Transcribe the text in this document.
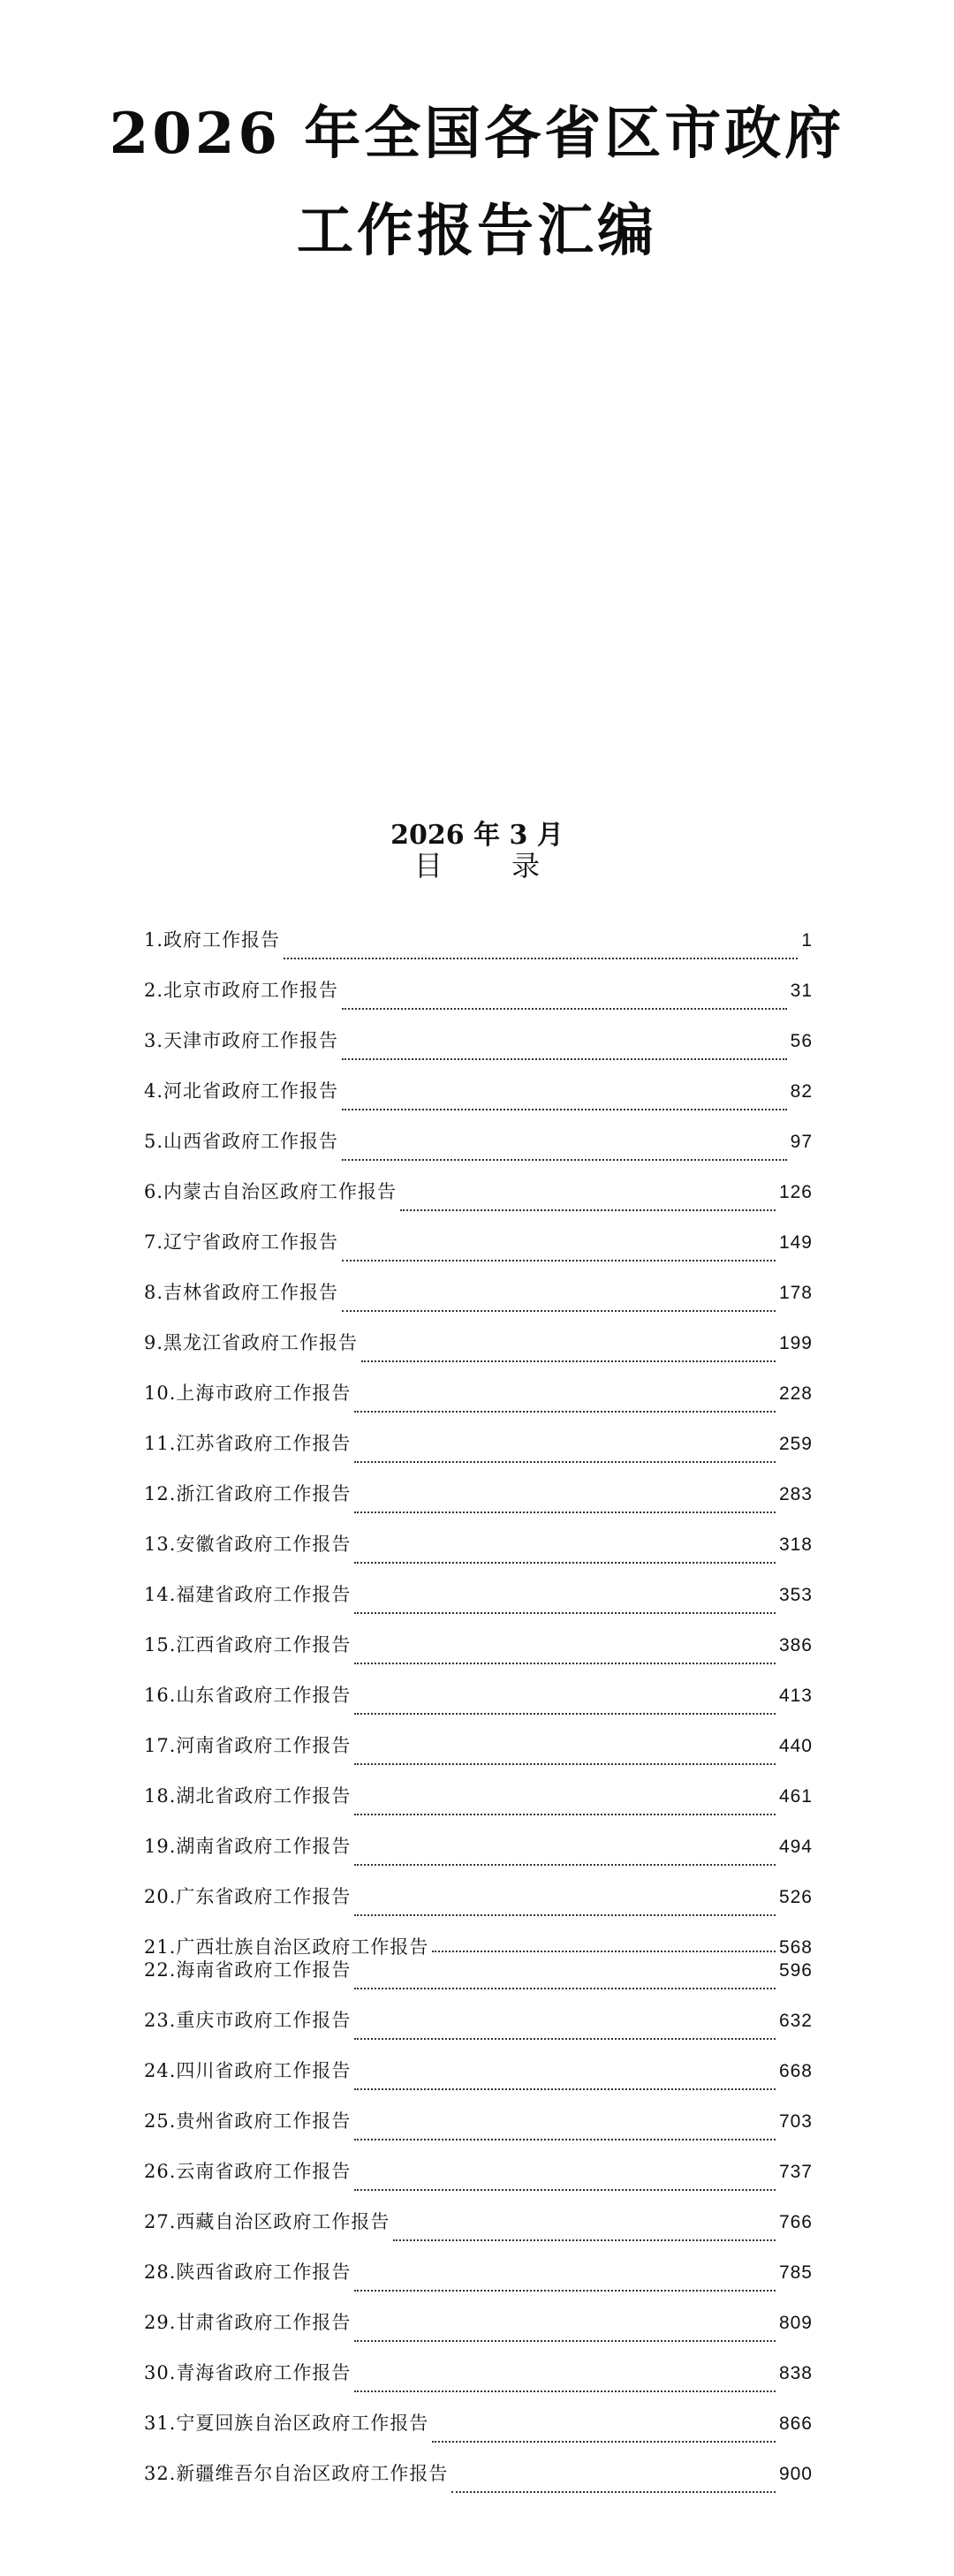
2026 年全国各省区市政府
工作报告汇编
2026 年 3 月
目 录
1.政府工作报告	1
2.北京市政府工作报告	31
3.天津市政府工作报告	56
4.河北省政府工作报告	82
5.山西省政府工作报告	97
6.内蒙古自治区政府工作报告	126
7.辽宁省政府工作报告	149
8.吉林省政府工作报告	178
9.黑龙江省政府工作报告	199
10.上海市政府工作报告	228
11.江苏省政府工作报告	259
12.浙江省政府工作报告	283
13.安徽省政府工作报告	318
14.福建省政府工作报告	353
15.江西省政府工作报告	386
16.山东省政府工作报告	413
17.河南省政府工作报告	440
18.湖北省政府工作报告	461
19.湖南省政府工作报告	494
20.广东省政府工作报告	526
21.广西壮族自治区政府工作报告	568
22.海南省政府工作报告	596
23.重庆市政府工作报告	632
24.四川省政府工作报告	668
25.贵州省政府工作报告	703
26.云南省政府工作报告	737
27.西藏自治区政府工作报告	766
28.陕西省政府工作报告	785
29.甘肃省政府工作报告	809
30.青海省政府工作报告	838
31.宁夏回族自治区政府工作报告	866
32.新疆维吾尔自治区政府工作报告	900
